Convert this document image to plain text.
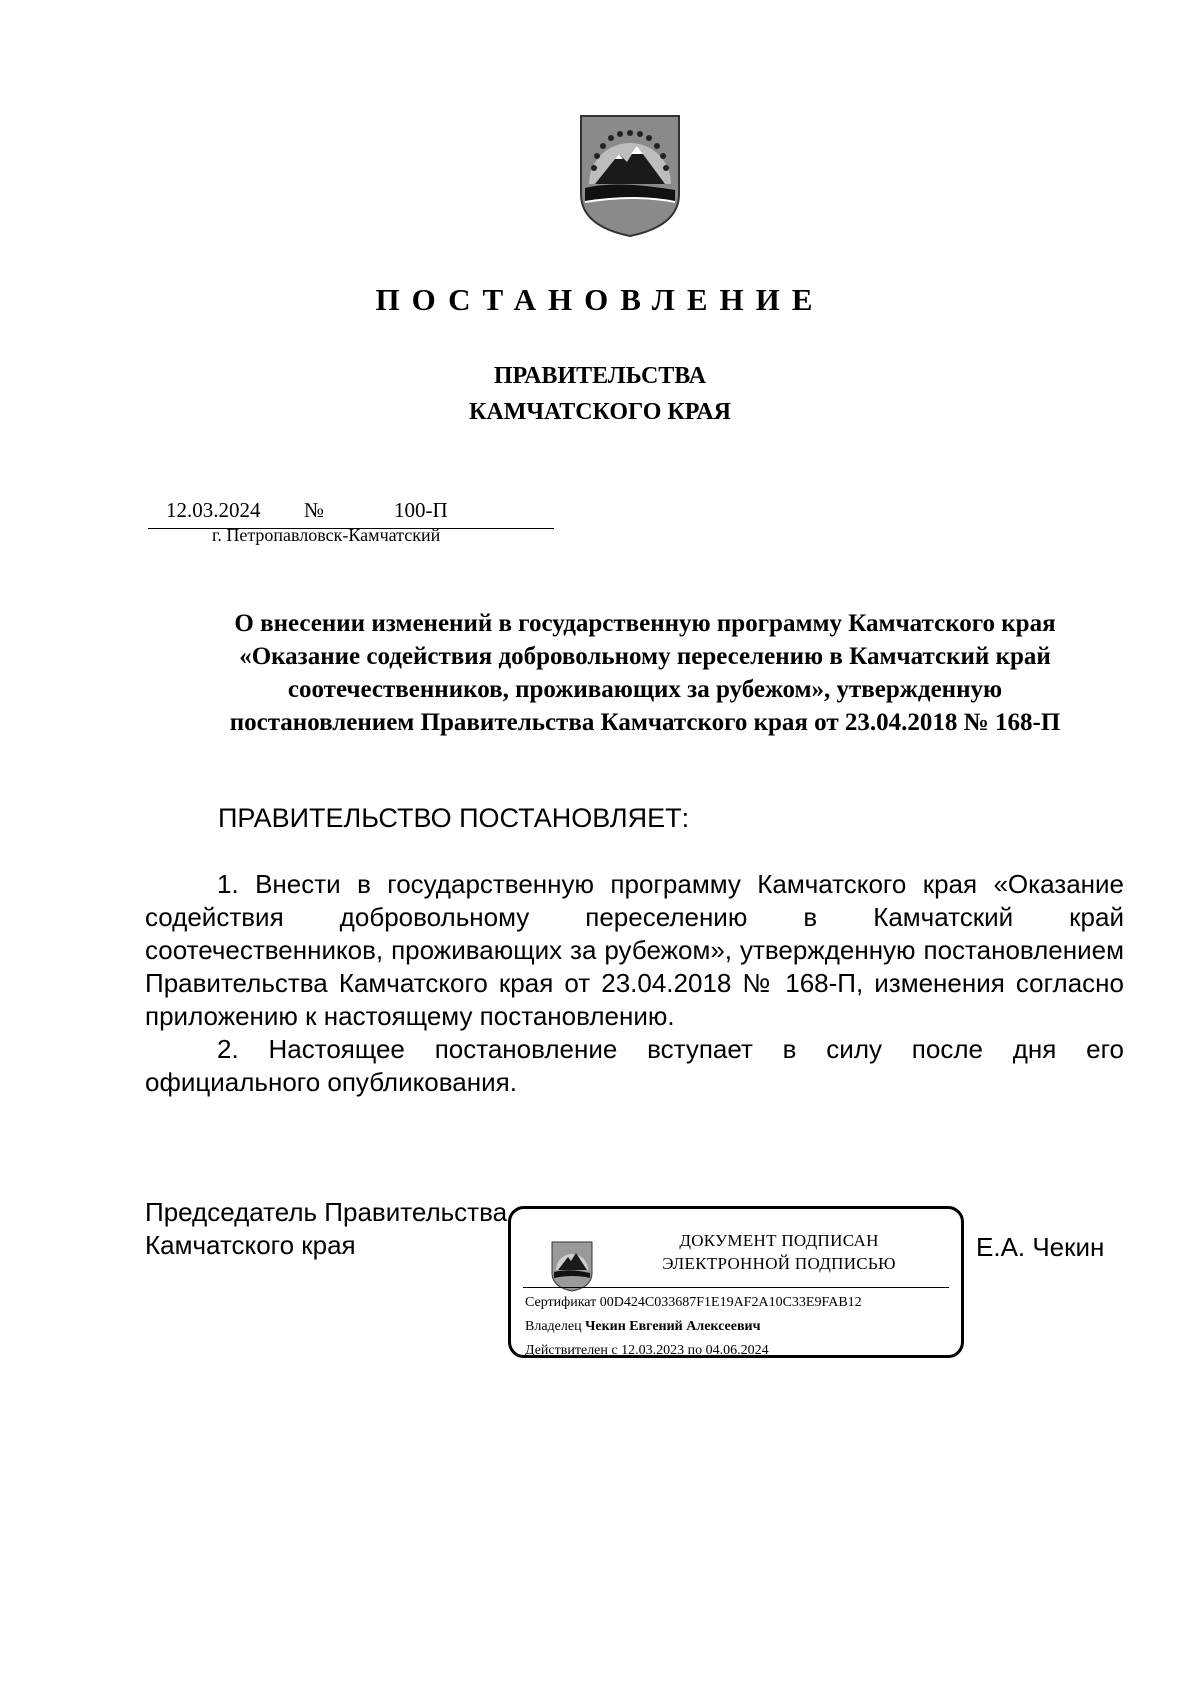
ПОСТАНОВЛЕНИЕ
ПРАВИТЕЛЬСТВА
КАМЧАТСКОГО КРАЯ
12.03.2024 №	100-П
г. Петропавловск-Камчатский
О внесении изменений в государственную программу Камчатского края
«Оказание содействия добровольному переселению в Камчатский край
соотечественников, проживающих за рубежом», утвержденную
постановлением Правительства Камчатского края от 23.04.2018 № 168-П
ПРАВИТЕЛЬСТВО ПОСТАНОВЛЯЕТ:
1. Внести в государственную программу Камчатского края «Оказание содействия добровольному переселению в Камчатский край соотечественников, проживающих за рубежом», утвержденную постановлением Правительства Камчатского края от 23.04.2018 № 168-П, изменения согласно приложению к настоящему постановлению.
2. Настоящее постановление вступает в силу после дня его официального опубликования.
Председатель Правительства
Камчатского края	ДОКУМЕНТ ПОДПИСАН
ЭЛЕКТРОННОЙ ПОДПИСЬЮ
Сертификат 00D424C033687F1E19AF2A10C33E9FAB12
Владелец Чекин Евгений Алексеевич
Действителен с 12.03.2023 по 04.06.2024
Е.А. Чекин
